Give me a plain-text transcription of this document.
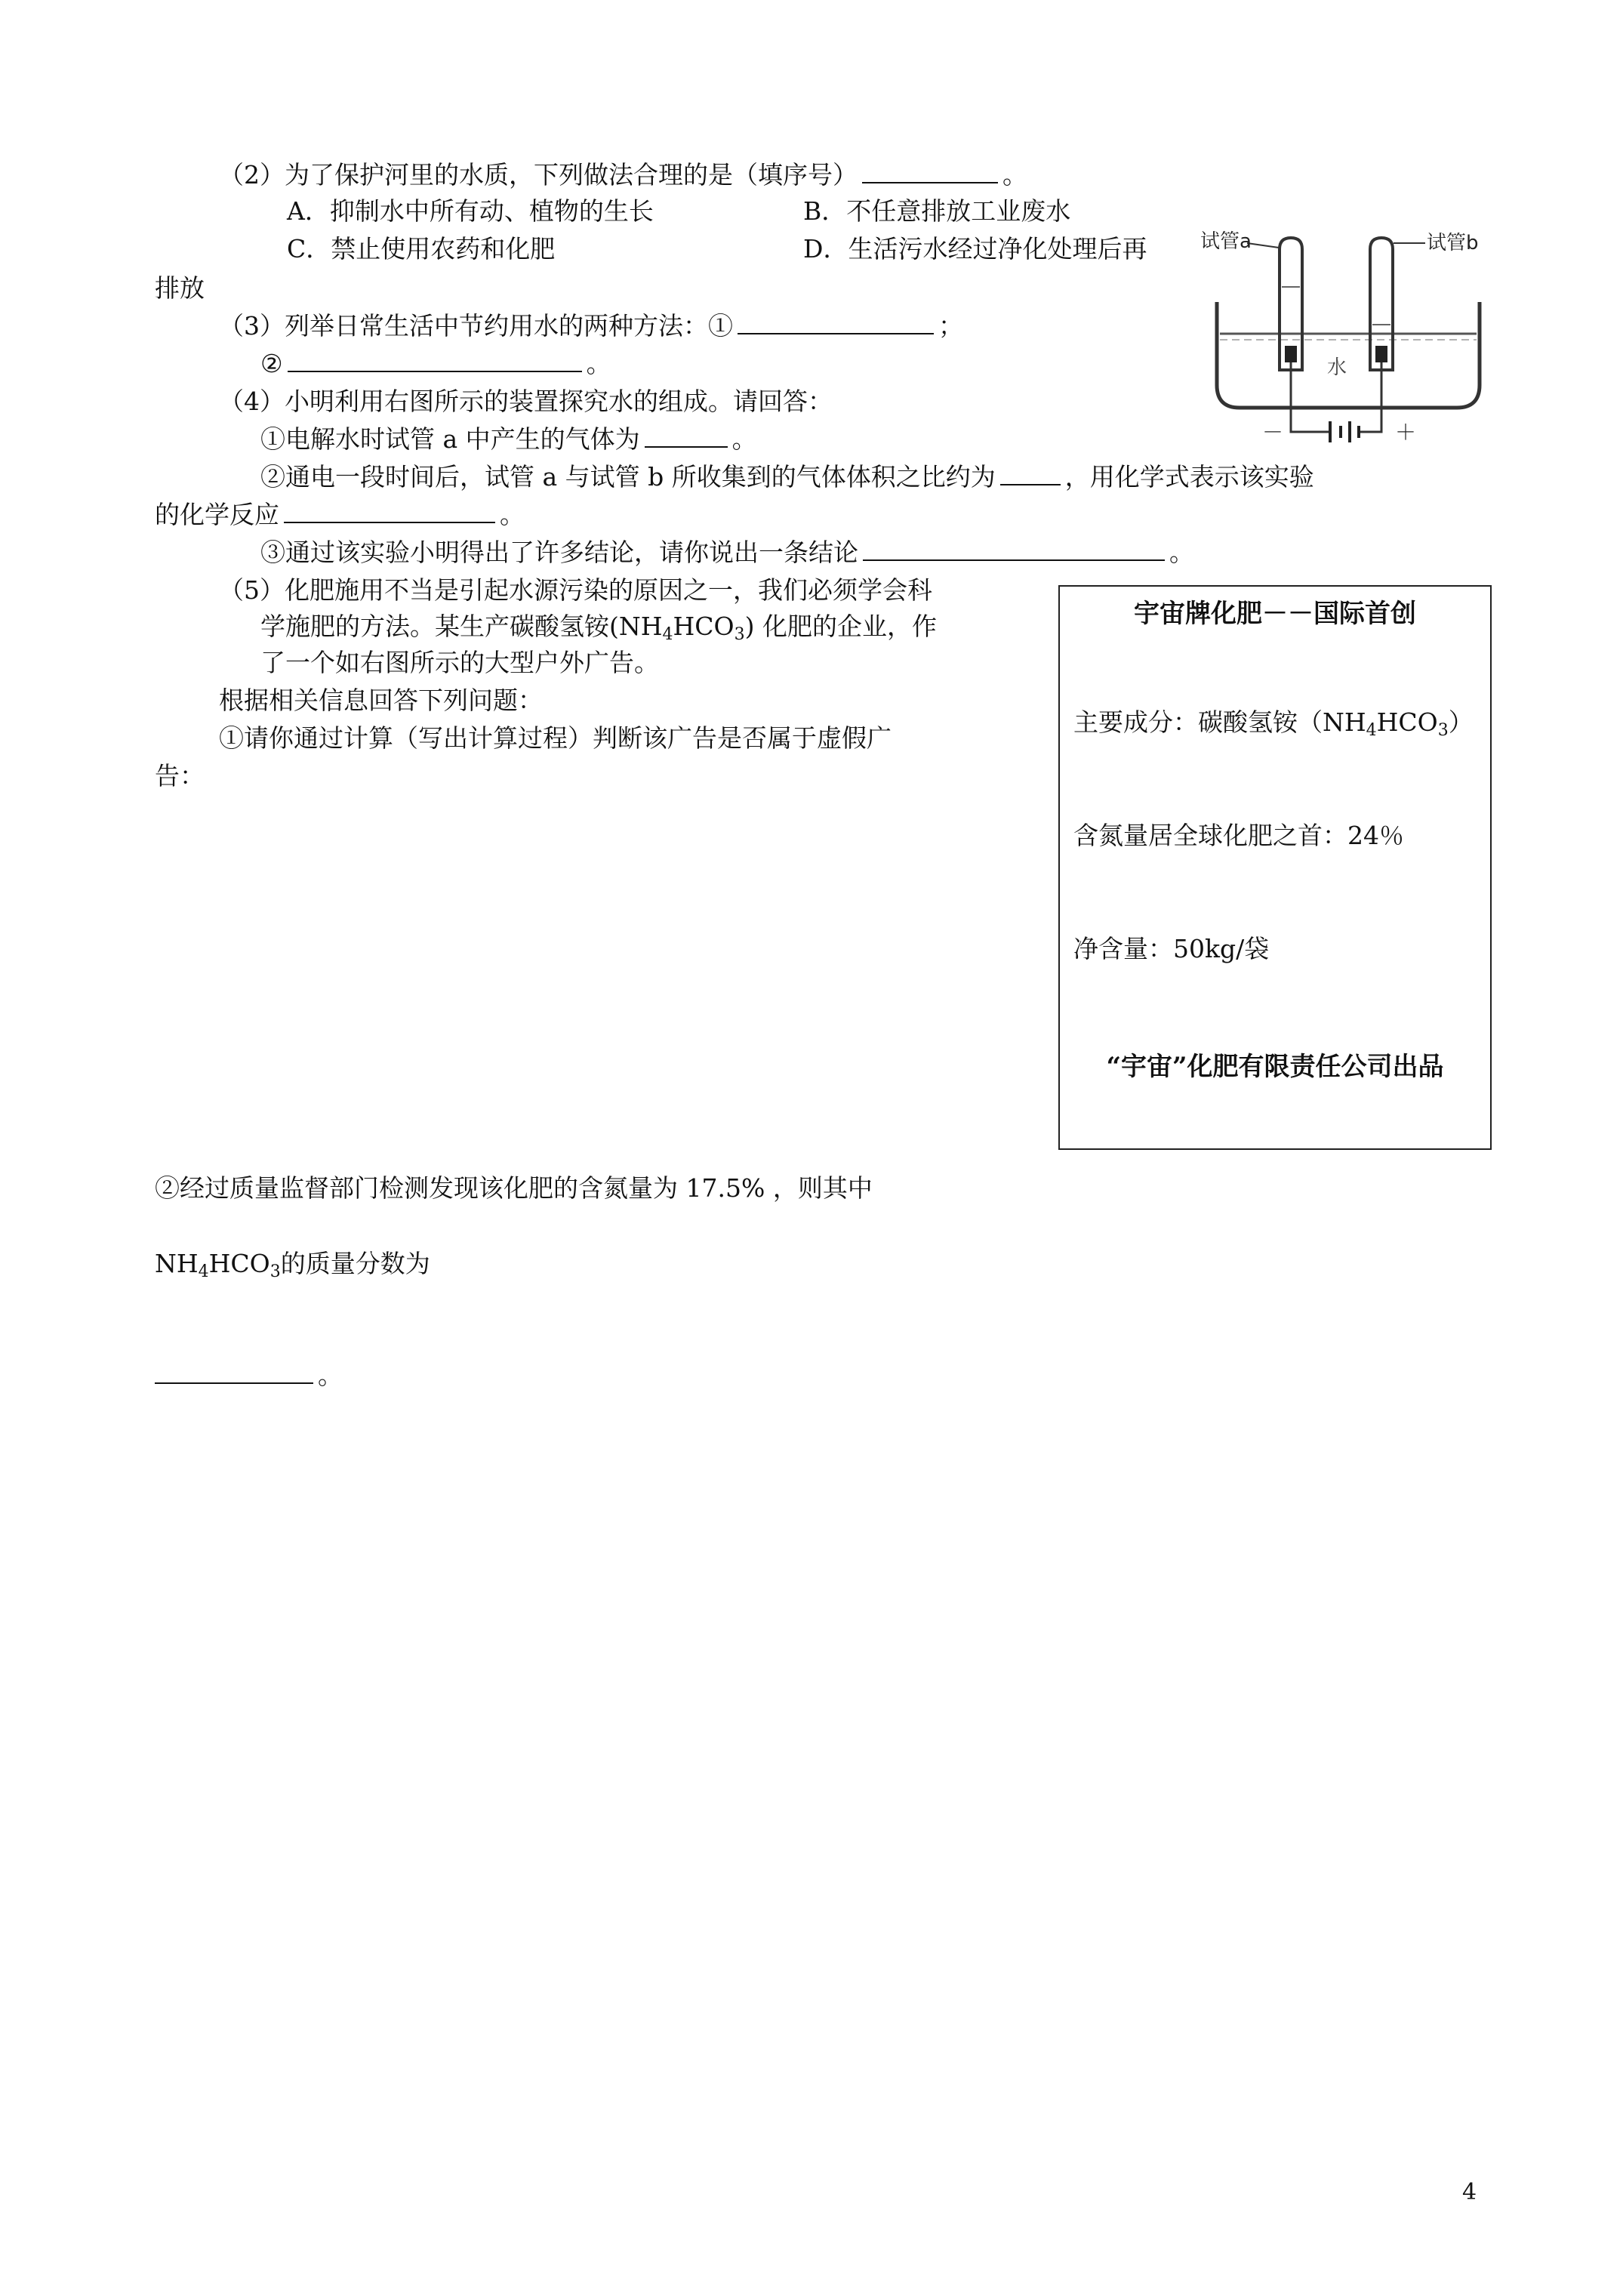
（2）为了保护河里的水质，下列做法合理的是（填序号）	。
A．抑制水中所有动、植物的生长	B．不任意排放工业废水
C．禁止使用农药和化肥	D．生活污水经过净化处理后再
排放
（3）列举日常生活中节约用水的两种方法：①	；
②	。
（4）小明利用右图所示的装置探究水的组成。请回答：
①电解水时试管 a 中产生的气体为	。
②通电一段时间后，试管 a 与试管 b 所收集到的气体体积之比约为	，用化学式表示该实验
的化学反应	。
③通过该实验小明得出了许多结论，请你说出一条结论	。
试管a	试管b
水
－	＋
（5）化肥施用不当是引起水源污染的原因之一，我们必须学会科
学施肥的方法。某生产碳酸氢铵$(NH_4HCO_3)$ 化肥的企业，作
了一个如右图所示的大型户外广告。
根据相关信息回答下列问题：
①请你通过计算（写出计算过程）判断该广告是否属于虚假广
告：
②经过质量监督部门检测发现该化肥的含氮量为 17.5% ，则其中
$NH_4HCO_3$的质量分数为
。
宇宙牌化肥－－国际首创
主要成分：碳酸氢铵$(NH_4HCO_3)$
含氮量居全球化肥之首：24％
净含量：50kg/袋
“宇宙”化肥有限责任公司出品
4
